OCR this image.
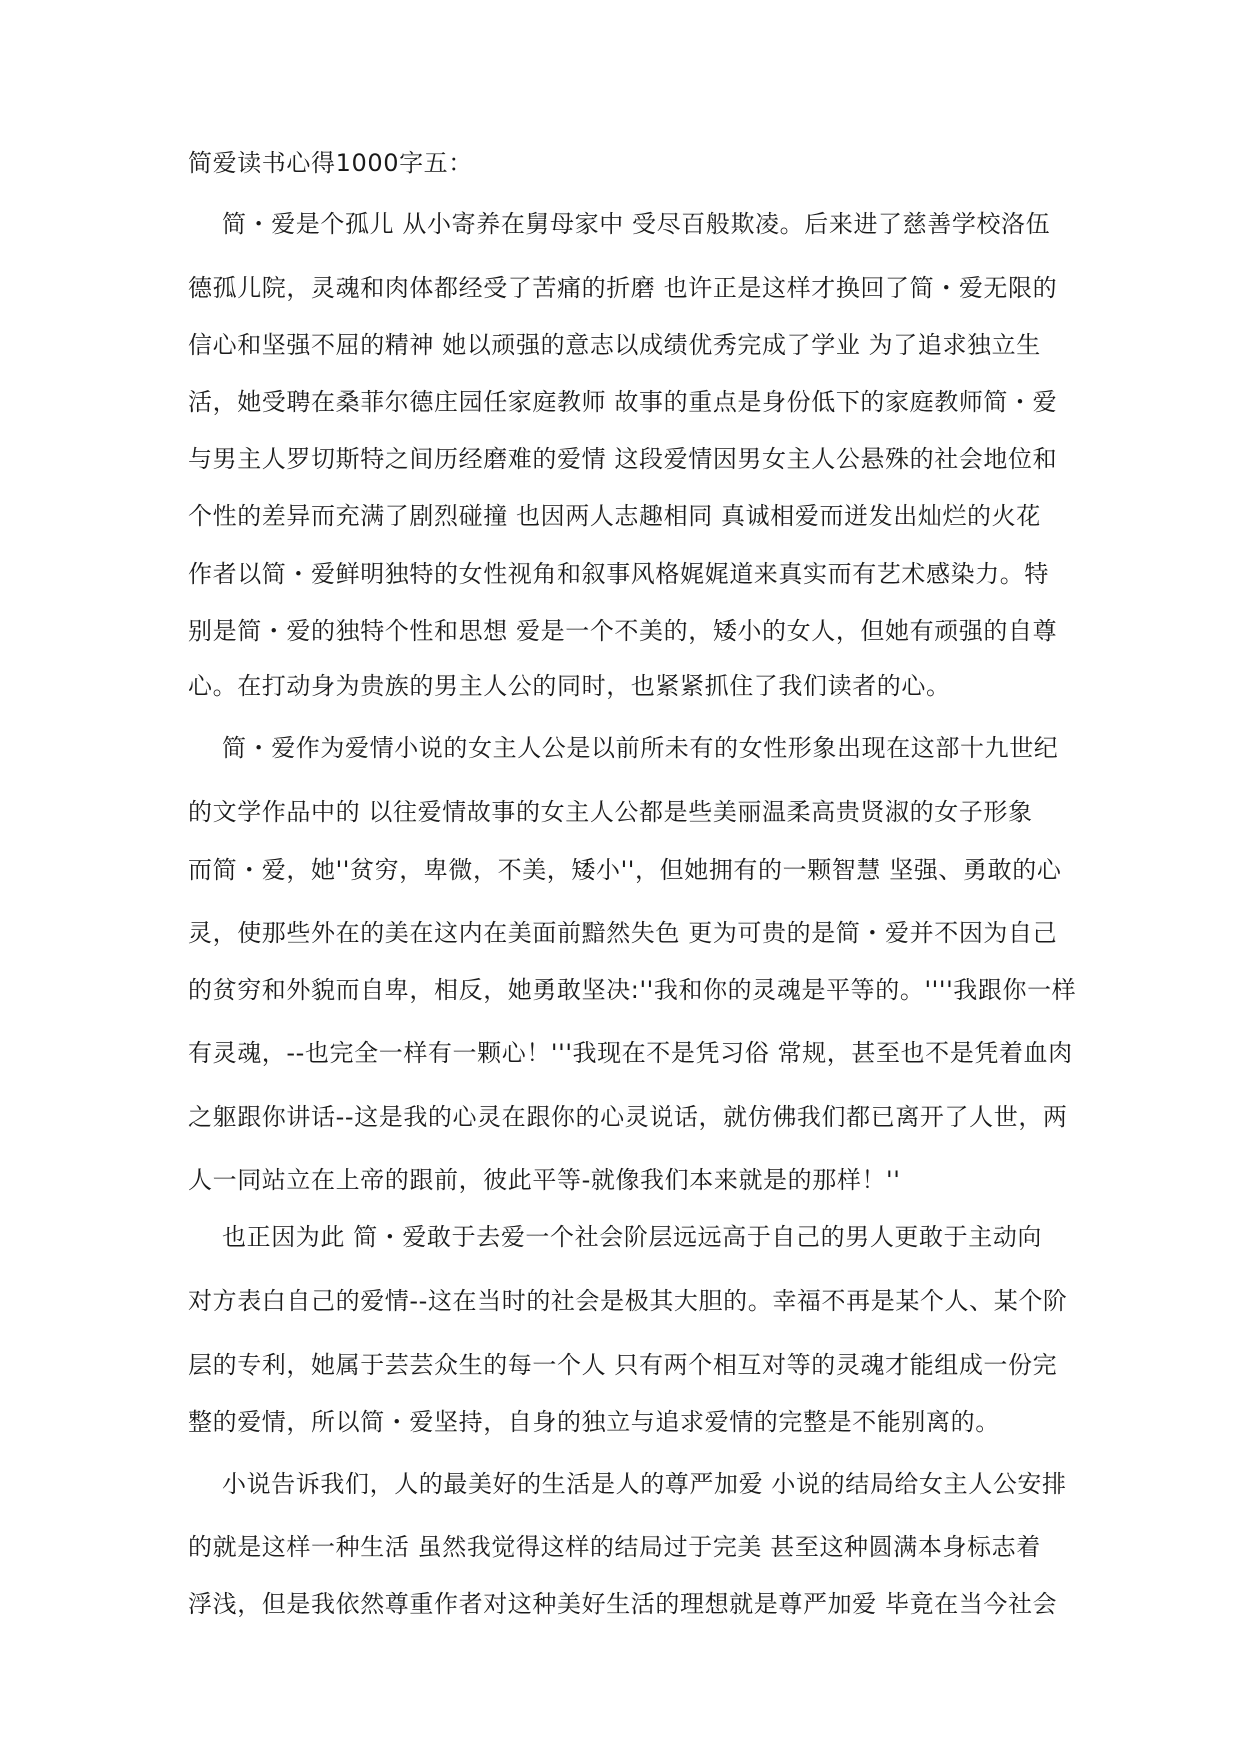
简爱读书心得1000字五：
简・爱是个孤儿 从小寄养在舅母家中 受尽百般欺凌。后来进了慈善学校洛伍
德孤儿院，灵魂和肉体都经受了苦痛的折磨 也许正是这样才换回了简・爱无限的
信心和坚强不屈的精神 她以顽强的意志以成绩优秀完成了学业 为了追求独立生
活，她受聘在桑菲尔德庄园任家庭教师 故事的重点是身份低下的家庭教师简・爱
与男主人罗切斯特之间历经磨难的爱情 这段爱情因男女主人公悬殊的社会地位和
个性的差异而充满了剧烈碰撞 也因两人志趣相同 真诚相爱而迸发出灿烂的火花
作者以简・爱鲜明独特的女性视角和叙事风格娓娓道来真实而有艺术感染力。特
别是简・爱的独特个性和思想 爱是一个不美的，矮小的女人，但她有顽强的自尊
心。在打动身为贵族的男主人公的同时，也紧紧抓住了我们读者的心。
简・爱作为爱情小说的女主人公是以前所未有的女性形象出现在这部十九世纪
的文学作品中的 以往爱情故事的女主人公都是些美丽温柔高贵贤淑的女子形象
而简・爱，她''贫穷，卑微，不美，矮小''，但她拥有的一颗智慧 坚强、勇敢的心
灵，使那些外在的美在这内在美面前黯然失色 更为可贵的是简・爱并不因为自己
的贫穷和外貌而自卑，相反，她勇敢坚决:''我和你的灵魂是平等的。''''我跟你一样
有灵魂，--也完全一样有一颗心！'''我现在不是凭习俗 常规，甚至也不是凭着血肉
之躯跟你讲话--这是我的心灵在跟你的心灵说话，就仿佛我们都已离开了人世，两
人一同站立在上帝的跟前，彼此平等-就像我们本来就是的那样！''
也正因为此 简・爱敢于去爱一个社会阶层远远高于自己的男人更敢于主动向
对方表白自己的爱情--这在当时的社会是极其大胆的。幸福不再是某个人、某个阶
层的专利，她属于芸芸众生的每一个人 只有两个相互对等的灵魂才能组成一份完
整的爱情，所以简・爱坚持，自身的独立与追求爱情的完整是不能别离的。
小说告诉我们，人的最美好的生活是人的尊严加爱 小说的结局给女主人公安排
的就是这样一种生活 虽然我觉得这样的结局过于完美 甚至这种圆满本身标志着
浮浅，但是我依然尊重作者对这种美好生活的理想就是尊严加爱 毕竟在当今社会
